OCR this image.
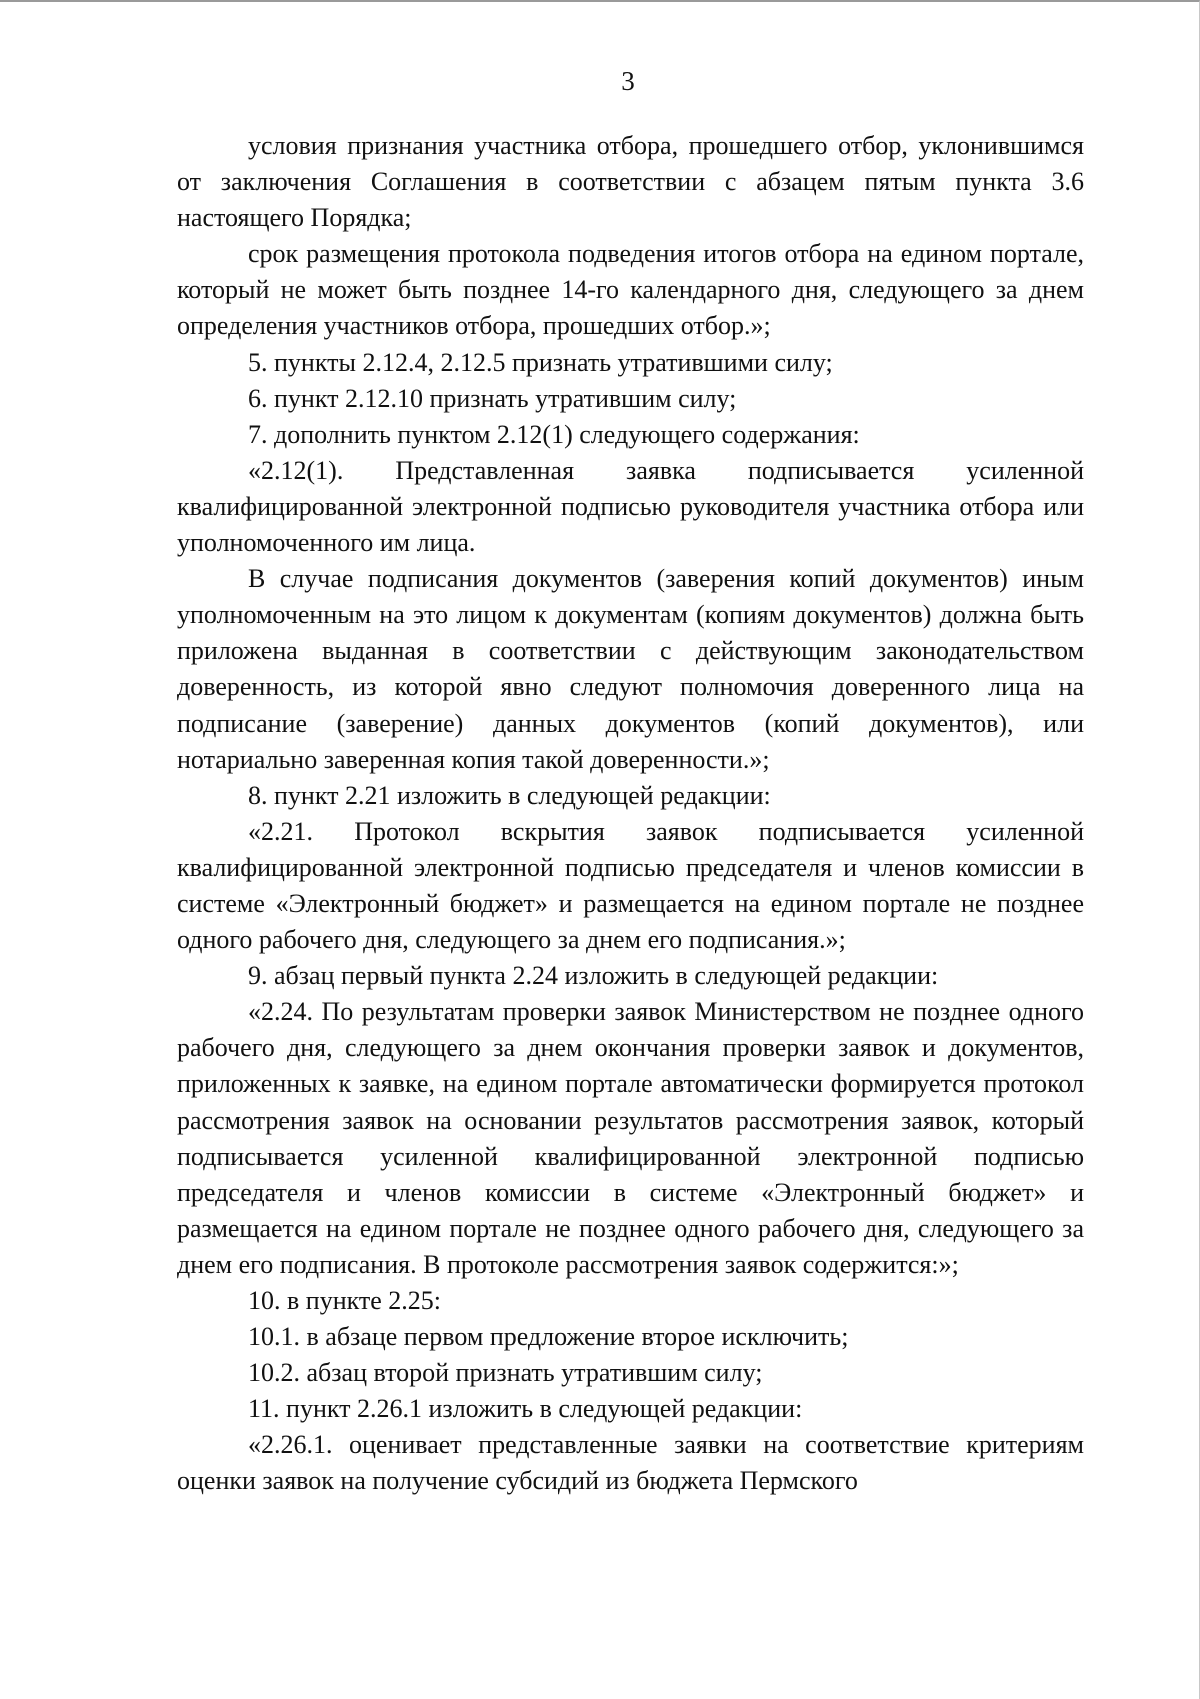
3

условия признания участника отбора, прошедшего отбор, уклонившимся от заключения Соглашения в соответствии с абзацем пятым пункта 3.6 настоящего Порядка;

срок размещения протокола подведения итогов отбора на едином портале, который не может быть позднее 14-го календарного дня, следующего за днем определения участников отбора, прошедших отбор.»;

5. пункты 2.12.4, 2.12.5 признать утратившими силу;

6. пункт 2.12.10 признать утратившим силу;

7. дополнить пунктом 2.12(1) следующего содержания:

«2.12(1). Представленная заявка подписывается усиленной квалифицированной электронной подписью руководителя участника отбора или уполномоченного им лица.

В случае подписания документов (заверения копий документов) иным уполномоченным на это лицом к документам (копиям документов) должна быть приложена выданная в соответствии с действующим законодательством доверенность, из которой явно следуют полномочия доверенного лица на подписание (заверение) данных документов (копий документов), или нотариально заверенная копия такой доверенности.»;

8. пункт 2.21 изложить в следующей редакции:

«2.21. Протокол вскрытия заявок подписывается усиленной квалифицированной электронной подписью председателя и членов комиссии в системе «Электронный бюджет» и размещается на едином портале не позднее одного рабочего дня, следующего за днем его подписания.»;

9. абзац первый пункта 2.24 изложить в следующей редакции:

«2.24. По результатам проверки заявок Министерством не позднее одного рабочего дня, следующего за днем окончания проверки заявок и документов, приложенных к заявке, на едином портале автоматически формируется протокол рассмотрения заявок на основании результатов рассмотрения заявок, который подписывается усиленной квалифицированной электронной подписью председателя и членов комиссии в системе «Электронный бюджет» и размещается на едином портале не позднее одного рабочего дня, следующего за днем его подписания. В протоколе рассмотрения заявок содержится:»;

10. в пункте 2.25:

10.1. в абзаце первом предложение второе исключить;

10.2. абзац второй признать утратившим силу;

11. пункт 2.26.1 изложить в следующей редакции:

«2.26.1. оценивает представленные заявки на соответствие критериям оценки заявок на получение субсидий из бюджета Пермского
